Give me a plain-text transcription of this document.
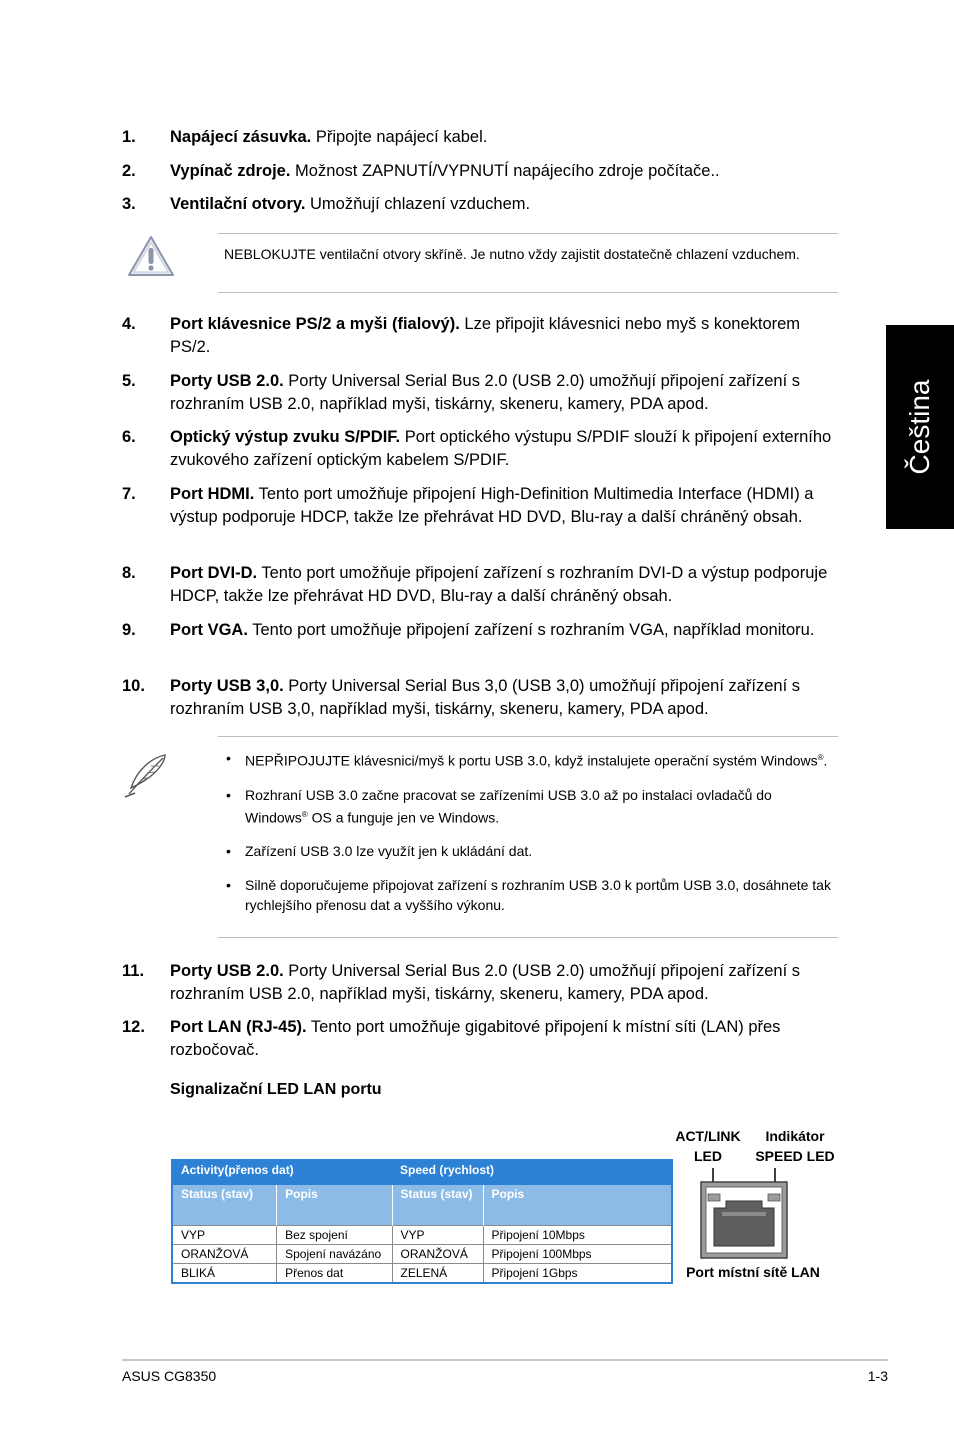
Čeština
1. Napájecí zásuvka. Připojte napájecí kabel.
2. Vypínač zdroje. Možnost ZAPNUTÍ/VYPNUTÍ napájecího zdroje počítače..
3. Ventilační otvory. Umožňují chlazení vzduchem.

NEBLOKUJTE ventilační otvory skříně. Je nutno vždy zajistit dostatečně chlazení vzduchem.

4. Port klávesnice PS/2 a myši (fialový). Lze připojit klávesnici nebo myš s konektorem PS/2.
5. Porty USB 2.0. Porty Universal Serial Bus 2.0 (USB 2.0) umožňují připojení zařízení s rozhraním USB 2.0, například myši, tiskárny, skeneru, kamery, PDA apod.
6. Optický výstup zvuku S/PDIF. Port optického výstupu S/PDIF slouží k připojení externího zvukového zařízení optickým kabelem S/PDIF.
7. Port HDMI. Tento port umožňuje připojení High-Definition Multimedia Interface (HDMI) a výstup podporuje HDCP, takže lze přehrávat HD DVD, Blu-ray a další chráněný obsah.
8. Port DVI-D. Tento port umožňuje připojení zařízení s rozhraním DVI-D a výstup podporuje HDCP, takže lze přehrávat HD DVD, Blu-ray a další chráněný obsah.
9. Port VGA. Tento port umožňuje připojení zařízení s rozhraním VGA, například monitoru.
10. Porty USB 3,0. Porty Universal Serial Bus 3,0 (USB 3,0) umožňují připojení zařízení s rozhraním USB 3,0, například myši, tiskárny, skeneru, kamery, PDA apod.
• NEPŘIPOJUJTE klávesnici/myš k portu USB 3.0, když instalujete operační systém Windows®.
• Rozhraní USB 3.0 začne pracovat se zařízeními USB 3.0 až po instalaci ovladačů do Windows® OS a funguje jen ve Windows.
• Zařízení USB 3.0 lze využít jen k ukládání dat.
• Silně doporučujeme připojovat zařízení s rozhraním USB 3.0 k portům USB 3.0, dosáhnete tak rychlejšího přenosu dat a vyššího výkonu.
11. Porty USB 2.0. Porty Universal Serial Bus 2.0 (USB 2.0) umožňují připojení zařízení s rozhraním USB 2.0, například myši, tiskárny, skeneru, kamery, PDA apod.
12. Port LAN (RJ-45). Tento port umožňuje gigabitové připojení k místní síti (LAN) přes rozbočovač.
Signalizační LED LAN portu
Activity(přenos dat)		Speed (rychlost)	
Status (stav)	Popis	Status (stav)	Popis
VYP	Bez spojení	VYP	Připojení 10Mbps
ORANŽOVÁ	Spojení navázáno	ORANŽOVÁ	Připojení 100Mbps
BLIKÁ	Přenos dat	ZELENÁ	Připojení 1Gbps
ACT/LINK LED
Indikátor SPEED LED
Port místní sítě LAN
ASUS CG8350	1-3
